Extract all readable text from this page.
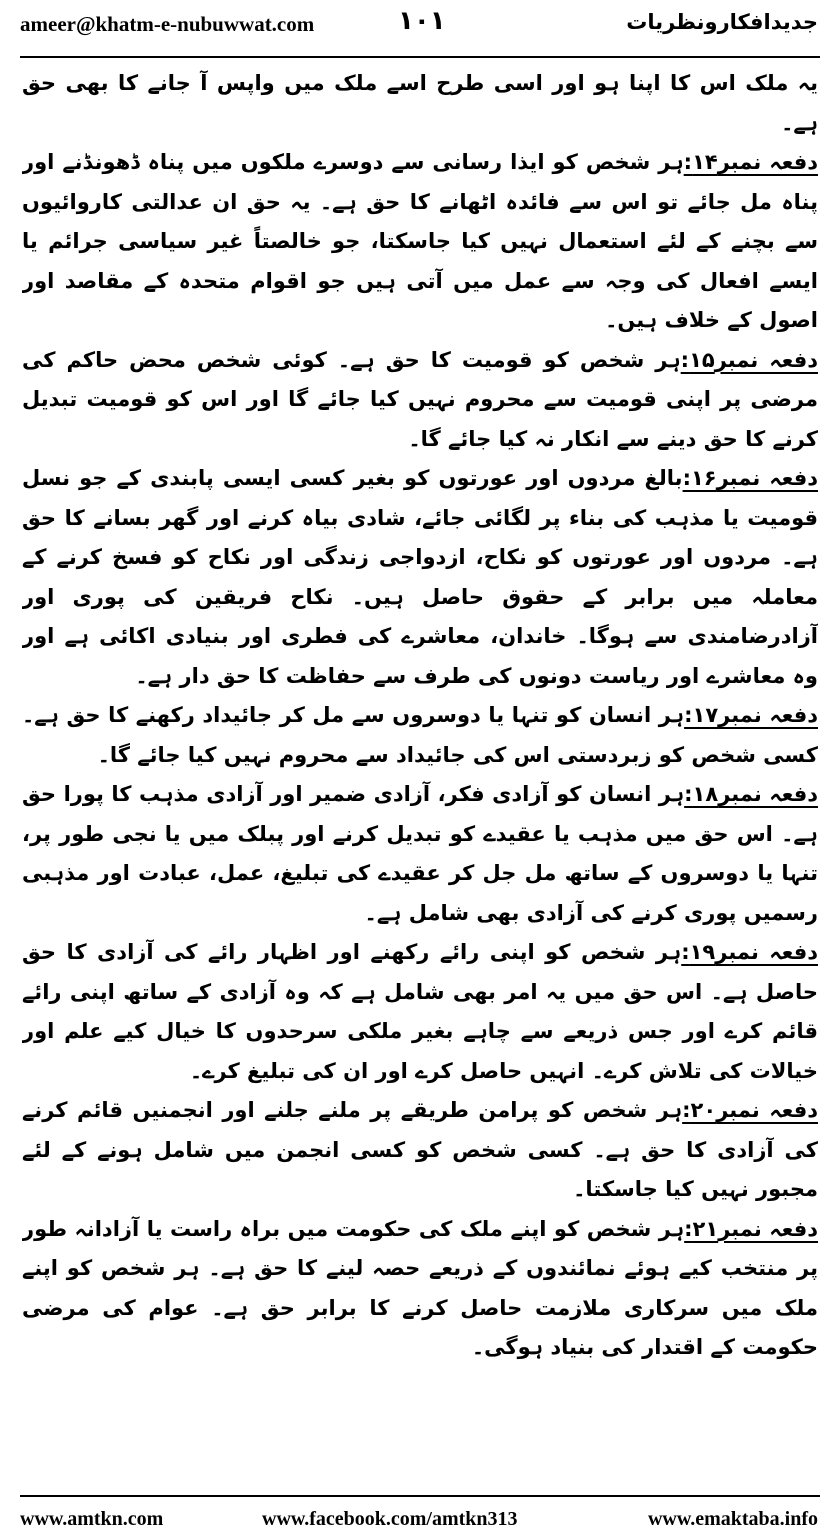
ameer@khatm-e-nubuwwat.com	۱۰۱	جدیدافکارونظریات

یہ ملک اس کا اپنا ہو اور اسی طرح اسے ملک میں واپس آ جانے کا بھی حق ہے۔

دفعہ نمبر۱۴:ہر شخص کو ایذا رسانی سے دوسرے ملکوں میں پناہ ڈھونڈنے اور پناہ مل جائے تو اس سے فائدہ اٹھانے کا حق ہے۔ یہ حق ان عدالتی کاروائیوں سے بچنے کے لئے استعمال نہیں کیا جاسکتا، جو خالصتاً غیر سیاسی جرائم یا ایسے افعال کی وجہ سے عمل میں آتی ہیں جو اقوام متحدہ کے مقاصد اور اصول کے خلاف ہیں۔

دفعہ نمبر۱۵:ہر شخص کو قومیت کا حق ہے۔ کوئی شخص محض حاکم کی مرضی پر اپنی قومیت سے محروم نہیں کیا جائے گا اور اس کو قومیت تبدیل کرنے کا حق دینے سے انکار نہ کیا جائے گا۔

دفعہ نمبر۱۶:بالغ مردوں اور عورتوں کو بغیر کسی ایسی پابندی کے جو نسل قومیت یا مذہب کی بناء پر لگائی جائے، شادی بیاہ کرنے اور گھر بسانے کا حق ہے۔ مردوں اور عورتوں کو نکاح، ازدواجی زندگی اور نکاح کو فسخ کرنے کے معاملہ میں برابر کے حقوق حاصل ہیں۔ نکاح فریقین کی پوری اور آزادرضامندی سے ہوگا۔ خاندان، معاشرے کی فطری اور بنیادی اکائی ہے اور وہ معاشرے اور ریاست دونوں کی طرف سے حفاظت کا حق دار ہے۔

دفعہ نمبر۱۷:ہر انسان کو تنہا یا دوسروں سے مل کر جائیداد رکھنے کا حق ہے۔ کسی شخص کو زبردستی اس کی جائیداد سے محروم نہیں کیا جائے گا۔

دفعہ نمبر۱۸:ہر انسان کو آزادی فکر، آزادی ضمیر اور آزادی مذہب کا پورا حق ہے۔ اس حق میں مذہب یا عقیدے کو تبدیل کرنے اور پبلک میں یا نجی طور پر، تنہا یا دوسروں کے ساتھ مل جل کر عقیدے کی تبلیغ، عمل، عبادت اور مذہبی رسمیں پوری کرنے کی آزادی بھی شامل ہے۔

دفعہ نمبر۱۹:ہر شخص کو اپنی رائے رکھنے اور اظہار رائے کی آزادی کا حق حاصل ہے۔ اس حق میں یہ امر بھی شامل ہے کہ وہ آزادی کے ساتھ اپنی رائے قائم کرے اور جس ذریعے سے چاہے بغیر ملکی سرحدوں کا خیال کیے علم اور خیالات کی تلاش کرے۔ انہیں حاصل کرے اور ان کی تبلیغ کرے۔

دفعہ نمبر۲۰:ہر شخص کو پرامن طریقے پر ملنے جلنے اور انجمنیں قائم کرنے کی آزادی کا حق ہے۔ کسی شخص کو کسی انجمن میں شامل ہونے کے لئے مجبور نہیں کیا جاسکتا۔

دفعہ نمبر۲۱:ہر شخص کو اپنے ملک کی حکومت میں براہ راست یا آزادانہ طور پر منتخب کیے ہوئے نمائندوں کے ذریعے حصہ لینے کا حق ہے۔ ہر شخص کو اپنے ملک میں سرکاری ملازمت حاصل کرنے کا برابر حق ہے۔ عوام کی مرضی حکومت کے اقتدار کی بنیاد ہوگی۔

www.amtkn.com	www.facebook.com/amtkn313	www.emaktaba.info
